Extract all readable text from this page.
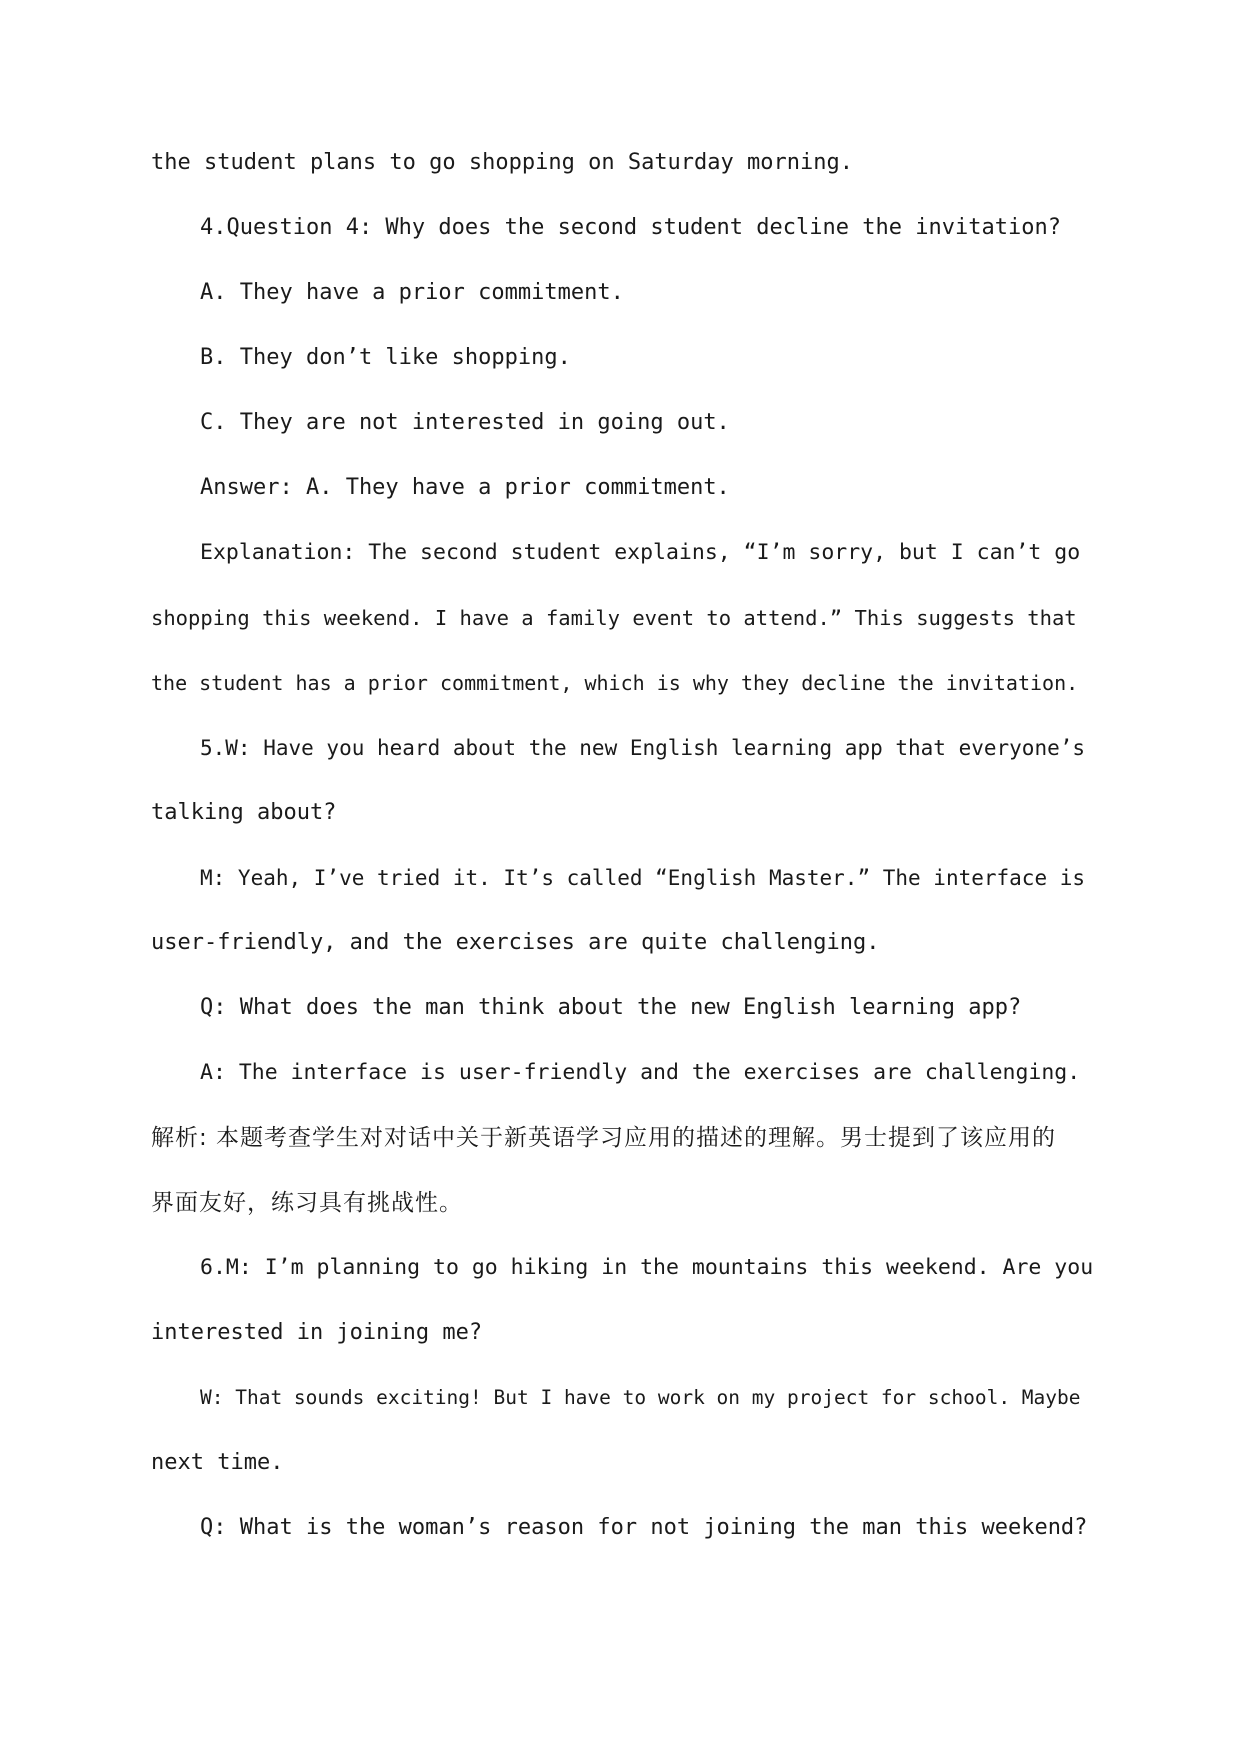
the student plans to go shopping on Saturday morning.
4.Question 4: Why does the second student decline the invitation?
A. They have a prior commitment.
B. They don’t like shopping.
C. They are not interested in going out.
Answer: A. They have a prior commitment.
Explanation: The second student explains, “I’m sorry, but I can’t go
shopping this weekend. I have a family event to attend.” This suggests that
the student has a prior commitment, which is why they decline the invitation.
5.W: Have you heard about the new English learning app that everyone’s
talking about?
M: Yeah, I’ve tried it. It’s called “English Master.” The interface is
user-friendly, and the exercises are quite challenging.
Q: What does the man think about the new English learning app?
A: The interface is user-friendly and the exercises are challenging.
解析: 本题考查学生对对话中关于新英语学习应用的描述的理解。男士提到了该应用的
界面友好，练习具有挑战性。
6.M: I’m planning to go hiking in the mountains this weekend. Are you
interested in joining me?
W: That sounds exciting! But I have to work on my project for school. Maybe
next time.
Q: What is the woman’s reason for not joining the man this weekend?
